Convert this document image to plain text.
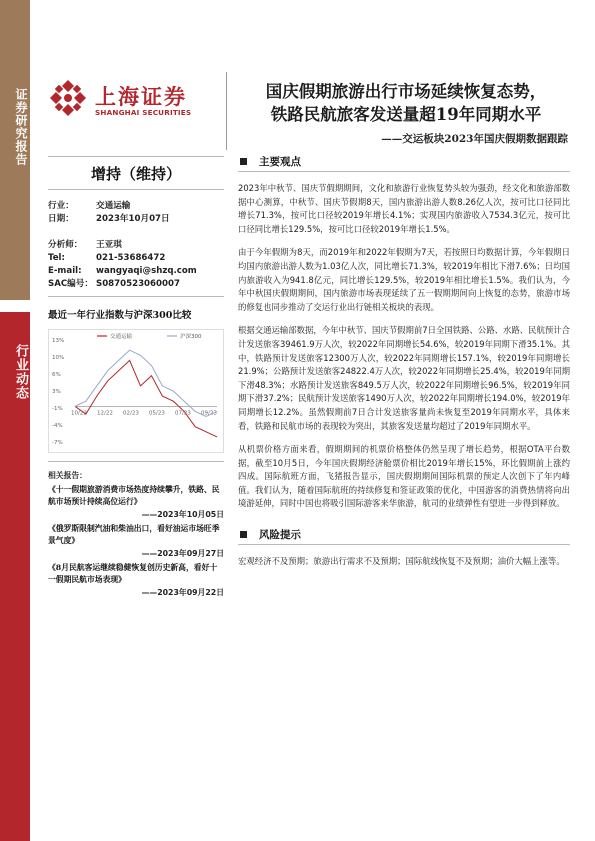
证券研究报告
行业动态
上海证券
SHANGHAI SECURITIES
国庆假期旅游出行市场延续恢复态势，
铁路民航旅客发送量超19年同期水平
——交运板块2023年国庆假期数据跟踪
增持（维持）
行业：	交通运输
日期：	2023年10月07日
分析师：	王亚琪
Tel:	021-53686472
E-mail:	wangyaqi@shzq.com
SAC编号： S0870523060007
最近一年行业指数与沪深300比较
13%
10%
6%
3%
-1%
-4%
-7%
10/22 12/22 02/23 05/23 07/23 09/23
交通运输	沪深300
相关报告：
《十一假期旅游消费市场热度持续攀升，铁路、民航市场预计持续高位运行》
——2023年10月05日
《俄罗斯限制汽油和柴油出口，看好油运市场旺季景气度》
——2023年09月27日
《8月民航客运继续稳健恢复创历史新高，看好十一假期民航市场表现》
——2023年09月22日
主要观点

2023年中秋节、国庆节假期期间，文化和旅游行业恢复势头较为强劲，经文化和旅游部数据中心测算，中秋节、国庆节假期8天，国内旅游出游人数8.26亿人次，按可比口径同比增长71.3%，按可比口径较2019年增长4.1%；实现国内旅游收入7534.3亿元，按可比口径同比增长129.5%，按可比口径较2019年增长1.5%。

由于今年假期为8天，而2019年和2022年假期为7天，若按照日均数据计算，今年假期日均国内旅游出游人数为1.03亿人次，同比增长71.3%，较2019年相比下滑7.6%；日均国内旅游收入为941.8亿元，同比增长129.5%，较2019年相比增长1.5%。我们认为，今年中秋国庆假期期间，国内旅游市场表现延续了五一假期期间向上恢复的态势，旅游市场的修复也同步推动了交运行业出行链相关板块的表现。

根据交通运输部数据，今年中秋节、国庆节假期前7日全国铁路、公路、水路、民航预计合计发送旅客39461.9万人次，较2022年同期增长54.6%，较2019年同期下滑35.1%。其中，铁路预计发送旅客12300万人次，较2022年同期增长157.1%，较2019年同期增长21.9%；公路预计发送旅客24822.4万人次，较2022年同期增长25.4%，较2019年同期下滑48.3%；水路预计发送旅客849.5万人次，较2022年同期增长96.5%，较2019年同期下滑37.2%；民航预计发送旅客1490万人次，较2022年同期增长194.0%，较2019年同期增长12.2%。虽然假期前7日合计发送旅客量尚未恢复至2019年同期水平，具体来看，铁路和民航市场的表现较为突出，其旅客发送量均超过了2019年同期水平。

从机票价格方面来看，假期期间的机票价格整体仍然呈现了增长趋势，根据OTA平台数据，截至10月5日，今年国庆假期经济舱票价相比2019年增长15%，环比假期前上涨约四成。国际航班方面，飞猪报告显示，国庆假期期间国际机票的预定人次创下了年内峰值。我们认为，随着国际航班的持续修复和签证政策的优化，中国游客的消费热情将向出境游延伸，同时中国也将吸引国际游客来华旅游，航司的业绩弹性有望进一步得到释放。

风险提示

宏观经济不及预期；旅游出行需求不及预期；国际航线恢复不及预期；油价大幅上涨等。
